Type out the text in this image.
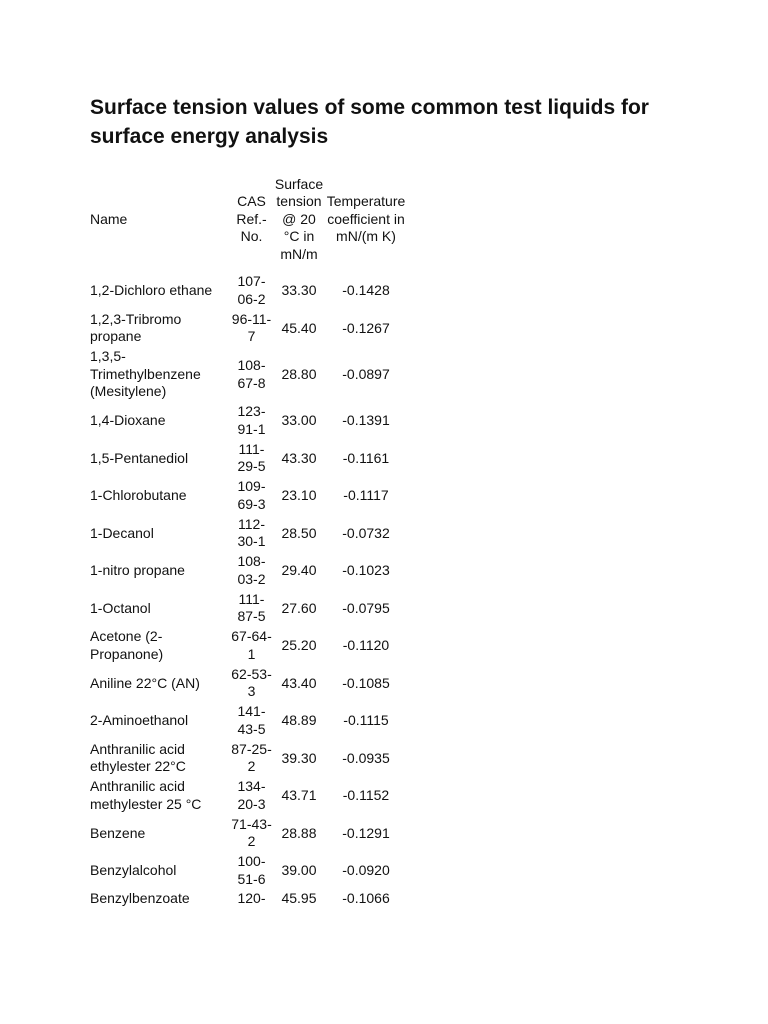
Surface tension values of some common test liquids for surface energy analysis
Name	CAS Ref.-No.	Surface tension @ 20 °C in mN/m	Temperature coefficient in mN/(m K)
1,2-Dichloro ethane	107-06-2	33.30	-0.1428
1,2,3-Tribromo propane	96-11-7	45.40	-0.1267
1,3,5-Trimethylbenzene (Mesitylene)	108-67-8	28.80	-0.0897
1,4-Dioxane	123-91-1	33.00	-0.1391
1,5-Pentanediol	111-29-5	43.30	-0.1161
1-Chlorobutane	109-69-3	23.10	-0.1117
1-Decanol	112-30-1	28.50	-0.0732
1-nitro propane	108-03-2	29.40	-0.1023
1-Octanol	111-87-5	27.60	-0.0795
Acetone (2-Propanone)	67-64-1	25.20	-0.1120
Aniline 22°C (AN)	62-53-3	43.40	-0.1085
2-Aminoethanol	141-43-5	48.89	-0.1115
Anthranilic acid ethylester 22°C	87-25-2	39.30	-0.0935
Anthranilic acid methylester 25 °C	134-20-3	43.71	-0.1152
Benzene	71-43-2	28.88	-0.1291
Benzylalcohol	100-51-6	39.00	-0.0920
Benzylbenzoate	120-	45.95	-0.1066
